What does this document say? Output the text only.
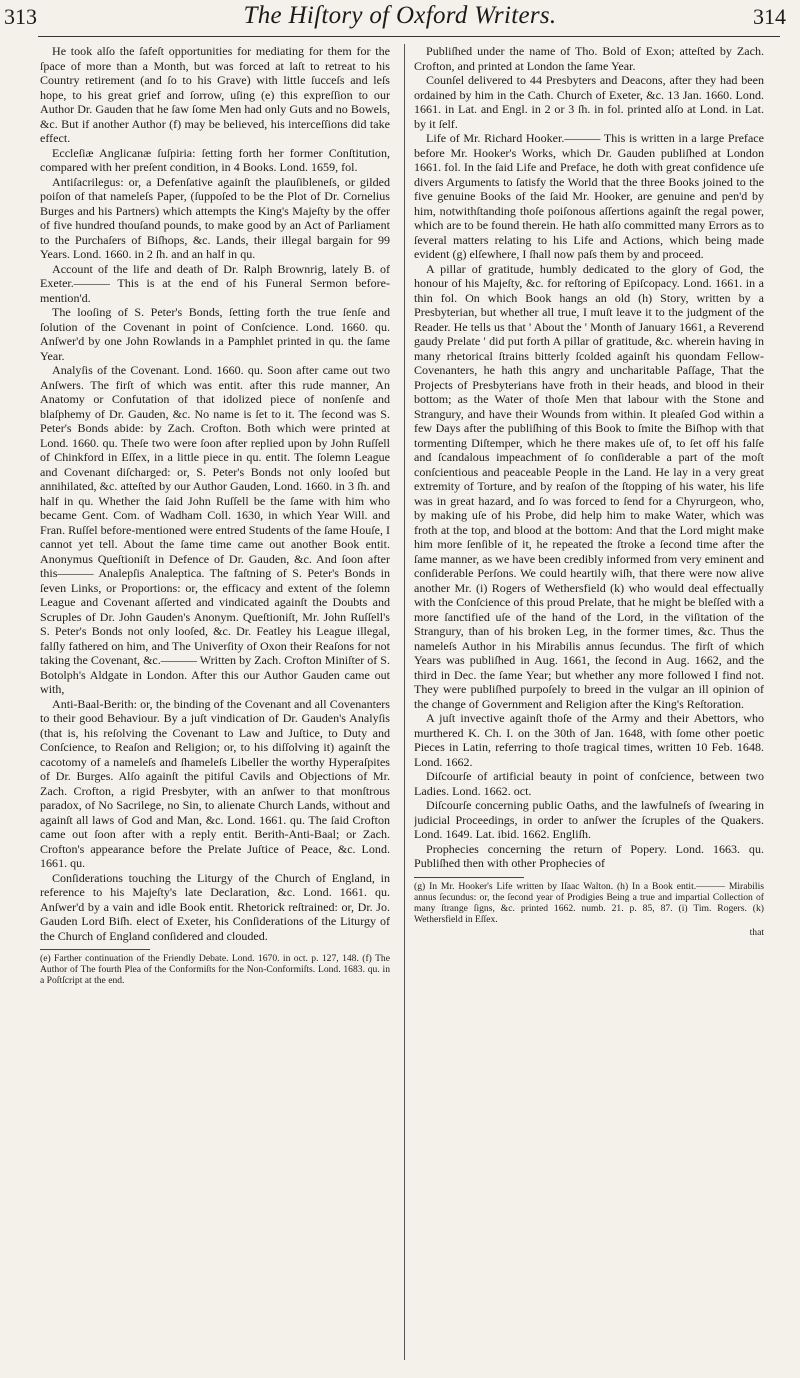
313	The Hiſtory of Oxford Writers.	314

He took alſo the ſafeſt opportunities for mediating for them for the ſpace of more than a Month, but was forced at laſt to retreat to his Country retirement (and ſo to his Grave) with little ſucceſs and leſs hope, to his great grief and ſorrow, uſing (e) this expreſſion to our Author Dr. Gauden that he ſaw ſome Men had only Guts and no Bowels, &c. But if another Author (f) may be believed, his interceſſions did take effect.

Eccleſiæ Anglicanæ ſuſpiria: ſetting forth her former Conſtitution, compared with her preſent condition, in 4 Books. Lond. 1659, fol.

Antiſacrilegus: or, a Defenſative againſt the plauſibleneſs, or gilded poiſon of that nameleſs Paper, (ſuppoſed to be the Plot of Dr. Cornelius Burges and his Partners) which attempts the King's Majeſty by the offer of five hundred thouſand pounds, to make good by an Act of Parliament to the Purchaſers of Biſhops, &c. Lands, their illegal bargain for 99 Years. Lond. 1660. in 2 ſh. and an half in qu.

Account of the life and death of Dr. Ralph Brownrig, lately B. of Exeter.——— This is at the end of his Funeral Sermon before-mention'd.

The looſing of S. Peter's Bonds, ſetting forth the true ſenſe and ſolution of the Covenant in point of Conſcience. Lond. 1660. qu. Anſwer'd by one John Rowlands in a Pamphlet printed in qu. the ſame Year.

Analyſis of the Covenant. Lond. 1660. qu. Soon after came out two Anſwers. The firſt of which was entit. after this rude manner, An Anatomy or Confutation of that idolized piece of nonſenſe and blaſphemy of Dr. Gauden, &c. No name is ſet to it. The ſecond was S. Peter's Bonds abide: by Zach. Crofton. Both which were printed at Lond. 1660. qu. Theſe two were ſoon after replied upon by John Ruſſell of Chinkford in Eſſex, in a little piece in qu. entit. The ſolemn League and Covenant diſcharged: or, S. Peter's Bonds not only looſed but annihilated, &c. atteſted by our Author Gauden, Lond. 1660. in 3 ſh. and half in qu. Whether the ſaid John Ruſſell be the ſame with him who became Gent. Com. of Wadham Coll. 1630, in which Year Will. and Fran. Ruſſel before-mentioned were entred Students of the ſame Houſe, I cannot yet tell. About the ſame time came out another Book entit. Anonymus Queſtioniſt in Defence of Dr. Gauden, &c. And ſoon after this——— Analepſis Analeptica. The faſtning of S. Peter's Bonds in ſeven Links, or Proportions: or, the efficacy and extent of the ſolemn League and Covenant aſſerted and vindicated againſt the Doubts and Scruples of Dr. John Gauden's Anonym. Queſtioniſt, Mr. John Ruſſell's S. Peter's Bonds not only looſed, &c. Dr. Featley his League illegal, falſly fathered on him, and The Univerſity of Oxon their Reaſons for not taking the Covenant, &c.——— Written by Zach. Crofton Miniſter of S. Botolph's Aldgate in London. After this our Author Gauden came out with,

Anti-Baal-Berith: or, the binding of the Covenant and all Covenanters to their good Behaviour. By a juſt vindication of Dr. Gauden's Analyſis (that is, his reſolving the Covenant to Law and Juſtice, to Duty and Conſcience, to Reaſon and Religion; or, to his diſſolving it) againſt the cacotomy of a nameleſs and ſhameleſs Libeller the worthy Hyperaſpites of Dr. Burges. Alſo againſt the pitiful Cavils and Objections of Mr. Zach. Crofton, a rigid Presbyter, with an anſwer to that monſtrous paradox, of No Sacrilege, no Sin, to alienate Church Lands, without and againſt all laws of God and Man, &c. Lond. 1661. qu. The ſaid Crofton came out ſoon after with a reply entit. Berith-Anti-Baal; or Zach. Crofton's appearance before the Prelate Juſtice of Peace, &c. Lond. 1661. qu.

Conſiderations touching the Liturgy of the Church of England, in reference to his Majeſty's late Declaration, &c. Lond. 1661. qu. Anſwer'd by a vain and idle Book entit. Rhetorick reſtrained: or, Dr. Jo. Gauden Lord Biſh. elect of Exeter, his Conſiderations of the Liturgy of the Church of England conſidered and clouded.

(e) Farther continuation of the Friendly Debate. Lond. 1670. in oct. p. 127, 148. (f) The Author of The fourth Plea of the Conformiſts for the Non-Conformiſts. Lond. 1683. qu. in a Poſtſcript at the end.

Publiſhed under the name of Tho. Bold of Exon; atteſted by Zach. Crofton, and printed at London the ſame Year.

Counſel delivered to 44 Presbyters and Deacons, after they had been ordained by him in the Cath. Church of Exeter, &c. 13 Jan. 1660. Lond. 1661. in Lat. and Engl. in 2 or 3 ſh. in fol. printed alſo at Lond. in Lat. by it ſelf.

Life of Mr. Richard Hooker.——— This is written in a large Preface before Mr. Hooker's Works, which Dr. Gauden publiſhed at London 1661. fol. In the ſaid Life and Preface, he doth with great confidence uſe divers Arguments to ſatisfy the World that the three Books joined to the five genuine Books of the ſaid Mr. Hooker, are genuine and pen'd by him, notwithſtanding thoſe poiſonous aſſertions againſt the regal power, which are to be found therein. He hath alſo committed many Errors as to ſeveral matters relating to his Life and Actions, which being made evident (g) elſewhere, I ſhall now paſs them by and proceed.

A pillar of gratitude, humbly dedicated to the glory of God, the honour of his Majeſty, &c. for reſtoring of Epiſcopacy. Lond. 1661. in a thin fol. On which Book hangs an old (h) Story, written by a Presbyterian, but whether all true, I muſt leave it to the judgment of the Reader. He tells us that ' About the ' Month of January 1661, a Reverend gaudy Prelate ' did put forth A pillar of gratitude, &c. wherein having in many rhetorical ſtrains bitterly ſcolded againſt his quondam Fellow-Covenanters, he hath this angry and uncharitable Paſſage, That the Projects of Presbyterians have froth in their heads, and blood in their bottom; as the Water of thoſe Men that labour with the Stone and Strangury, and have their Wounds from within. It pleaſed God within a few Days after the publiſhing of this Book to ſmite the Biſhop with that tormenting Diſtemper, which he there makes uſe of, to ſet off his falſe and ſcandalous impeachment of ſo conſiderable a part of the moſt conſcientious and peaceable People in the Land. He lay in a very great extremity of Torture, and by reaſon of the ſtopping of his water, his life was in great hazard, and ſo was forced to ſend for a Chyrurgeon, who, by making uſe of his Probe, did help him to make Water, which was froth at the top, and blood at the bottom: And that the Lord might make him more ſenſible of it, he repeated the ſtroke a ſecond time after the ſame manner, as we have been credibly informed from very eminent and conſiderable Perſons. We could heartily wiſh, that there were now alive another Mr. (i) Rogers of Wethersfield (k) who would deal effectually with the Conſcience of this proud Prelate, that he might be bleſſed with a more ſanctified uſe of the hand of the Lord, in the viſitation of the Strangury, than of his broken Leg, in the former times, &c. Thus the nameleſs Author in his Mirabilis annus ſecundus. The firſt of which Years was publiſhed in Aug. 1661, the ſecond in Aug. 1662, and the third in Dec. the ſame Year; but whether any more followed I find not. They were publiſhed purpoſely to breed in the vulgar an ill opinion of the change of Government and Religion after the King's Reſtoration.

A juſt invective againſt thoſe of the Army and their Abettors, who murthered K. Ch. I. on the 30th of Jan. 1648, with ſome other poetic Pieces in Latin, referring to thoſe tragical times, written 10 Feb. 1648. Lond. 1662.

Diſcourſe of artificial beauty in point of conſcience, between two Ladies. Lond. 1662. oct.

Diſcourſe concerning public Oaths, and the lawfulneſs of ſwearing in judicial Proceedings, in order to anſwer the ſcruples of the Quakers. Lond. 1649. Lat. ibid. 1662. Engliſh.

Prophecies concerning the return of Popery. Lond. 1663. qu. Publiſhed then with other Prophecies of

(g) In Mr. Hooker's Life written by Iſaac Walton. (h) In a Book entit.——— Mirabilis annus ſecundus: or, the ſecond year of Prodigies Being a true and impartial Collection of many ſtrange ſigns, &c. printed 1662. numb. 21. p. 85, 87. (i) Tim. Rogers. (k) Wethersfield in Eſſex.

that
